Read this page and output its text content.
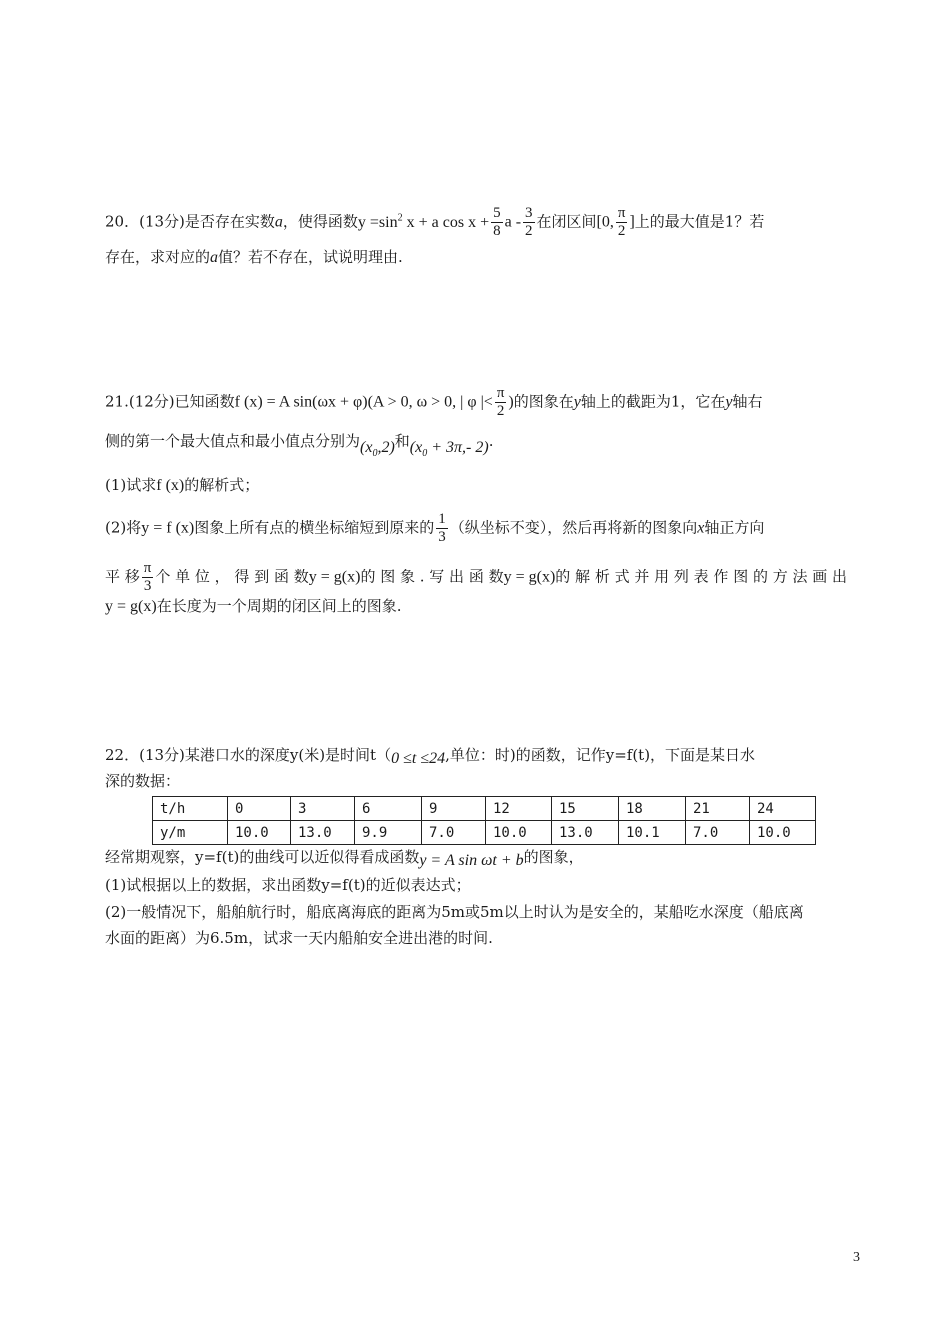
20．(13分)是否存在实数a，使得函数$y =\sin^2$ x + a $\cos x + \frac{5}{8}$ a - $\frac{3}{2}$ 在闭区间[0, $\frac{\pi}{2}$ ]上的最大值是1？若
存在，求对应的a值？若不存在，试说明理由.
21.(12分)已知函数f (x) = A sin(ωx + φ)(A > 0, ω > 0, | φ |< $\frac{\pi}{2}$ )的图象在y轴上的截距为1，它在y轴右
侧的第一个最大值点和最小值点分别为$(x_0,2)$和($x_0 + 3\pi,-$ 2).
(1)试求f (x)的解析式；
(2)将y = f (x)图象上所有点的横坐标缩短到原来的 $\frac{1}{3}$ （纵坐标不变），然后再将新的图象向x轴正方向
平 移 $\frac{\pi}{3}$ 个 单 位 ， 得 到 函 数y = g(x)的 图 象 . 写 出 函 数y = g(x)的 解 析 式 并 用 列 表 作 图 的 方 法 画 出
y = g(x)在长度为一个周期的闭区间上的图象.
22．(13分)某港口水的深度y(米)是时间t（0 ≤t ≤24,单位：时)的函数，记作y=f(t)，下面是某日水
深的数据：
t/h	0	3	6	9	12	15	18	21	24
y/m	10.0	13.0	9.9	7.0	10.0	13.0	10.1	7.0	10.0
经常期观察，y=f(t)的曲线可以近似得看成函数y = A sin ωt + b的图象，
(1)试根据以上的数据，求出函数y=f(t)的近似表达式；
(2)一般情况下，船舶航行时，船底离海底的距离为5m或5m以上时认为是安全的，某船吃水深度（船底离
水面的距离）为6.5m，试求一天内船舶安全进出港的时间.
3
